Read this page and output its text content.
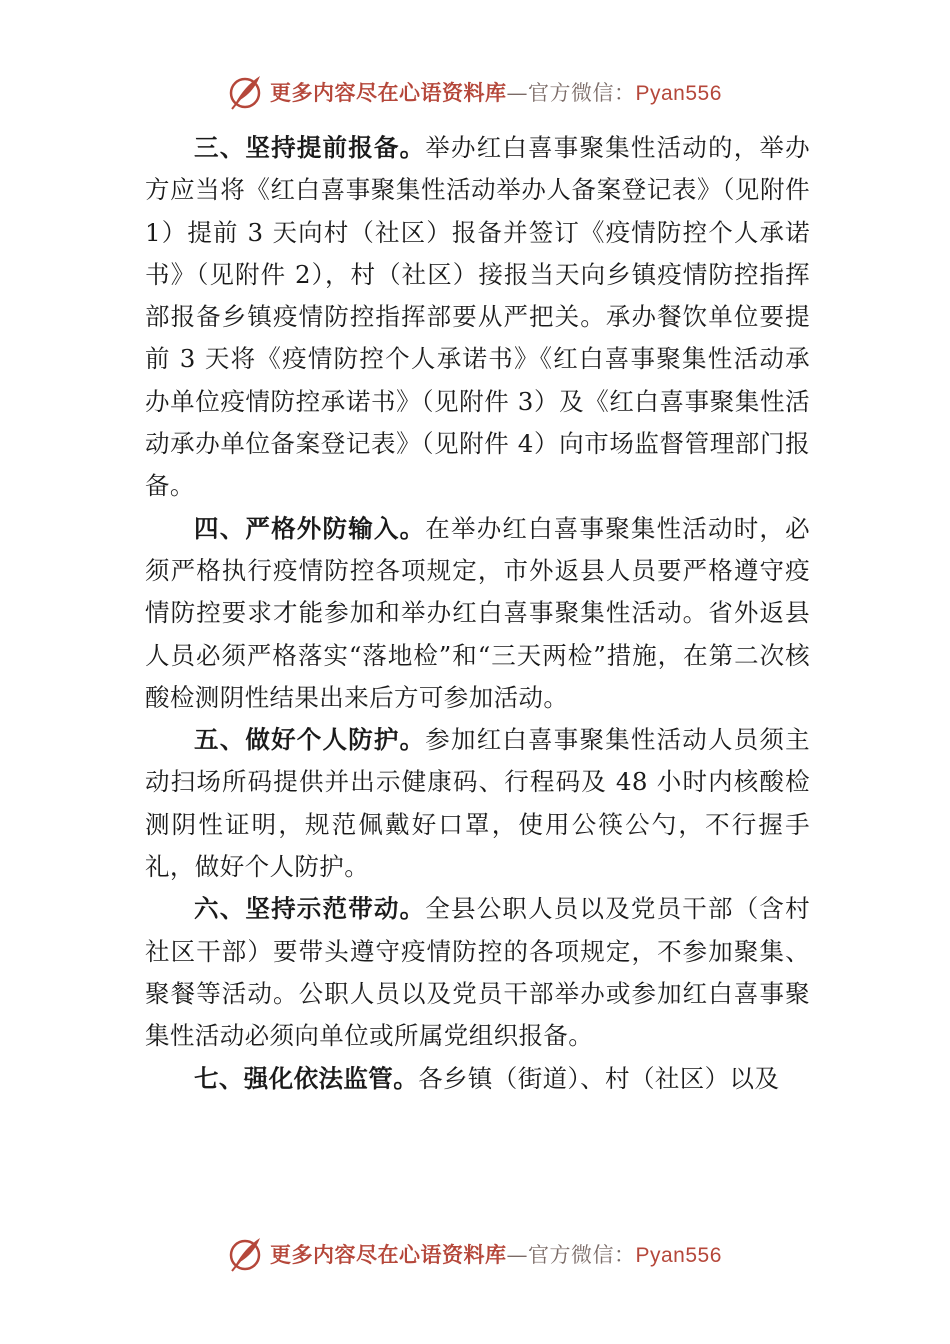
更多内容尽在心语资料库—官方微信：Pyan556

三、坚持提前报备。举办红白喜事聚集性活动的，举办方应当将《红白喜事聚集性活动举办人备案登记表》（见附件 1）提前 3 天向村（社区）报备并签订《疫情防控个人承诺书》（见附件 2），村（社区）接报当天向乡镇疫情防控指挥部报备乡镇疫情防控指挥部要从严把关。承办餐饮单位要提前 3 天将《疫情防控个人承诺书》《红白喜事聚集性活动承办单位疫情防控承诺书》（见附件 3）及《红白喜事聚集性活动承办单位备案登记表》（见附件 4）向市场监督管理部门报备。

四、严格外防输入。在举办红白喜事聚集性活动时，必须严格执行疫情防控各项规定，市外返县人员要严格遵守疫情防控要求才能参加和举办红白喜事聚集性活动。省外返县人员必须严格落实“落地检”和“三天两检”措施，在第二次核酸检测阴性结果出来后方可参加活动。

五、做好个人防护。参加红白喜事聚集性活动人员须主动扫场所码提供并出示健康码、行程码及 48 小时内核酸检测阴性证明，规范佩戴好口罩，使用公筷公勺，不行握手礼，做好个人防护。

六、坚持示范带动。全县公职人员以及党员干部（含村社区干部）要带头遵守疫情防控的各项规定，不参加聚集、聚餐等活动。公职人员以及党员干部举办或参加红白喜事聚集性活动必须向单位或所属党组织报备。

七、强化依法监管。各乡镇（街道）、村（社区）以及

更多内容尽在心语资料库—官方微信：Pyan556
